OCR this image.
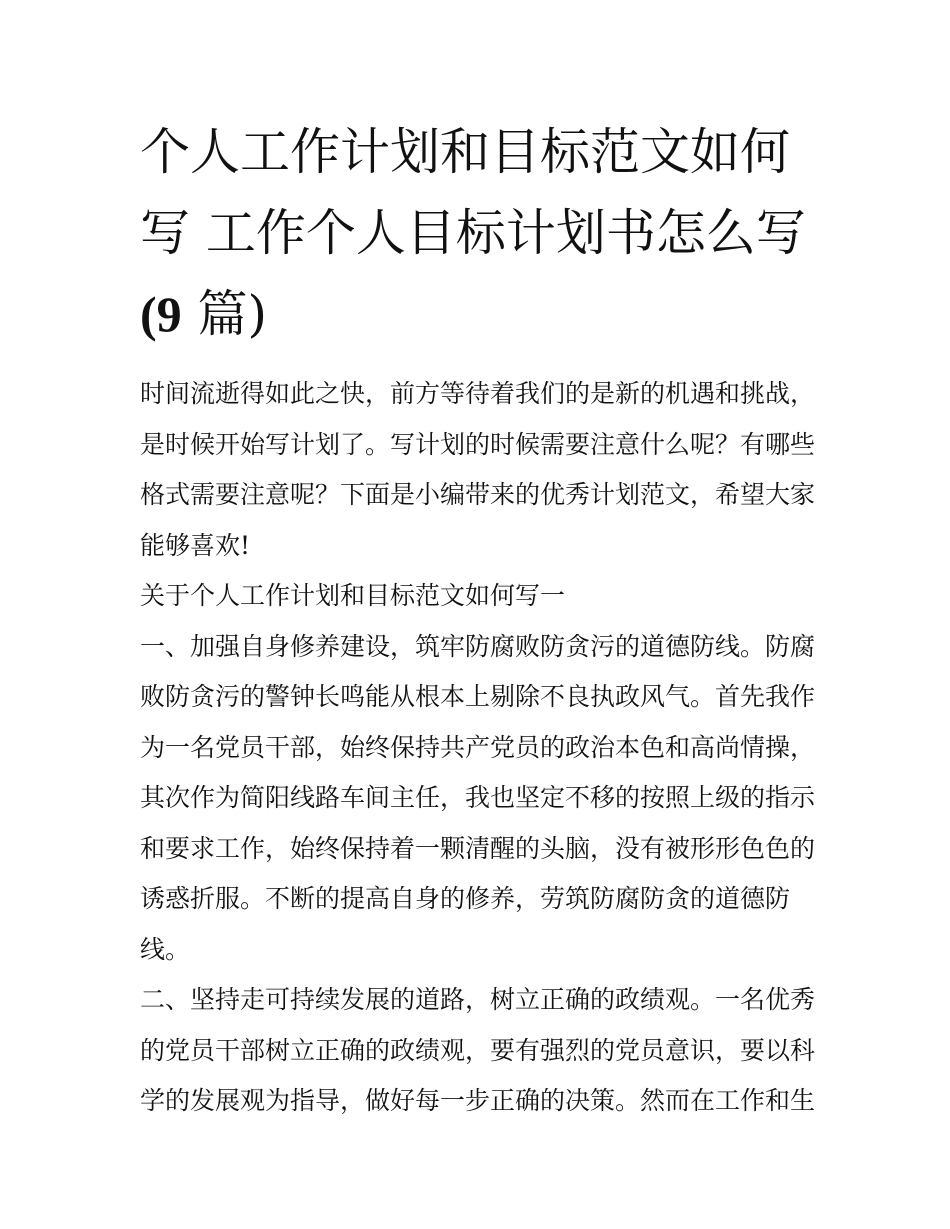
个人工作计划和目标范文如何
写 工作个人目标计划书怎么写
(9 篇)

时间流逝得如此之快，前方等待着我们的是新的机遇和挑战，

是时候开始写计划了。写计划的时候需要注意什么呢？有哪些

格式需要注意呢？下面是小编带来的优秀计划范文，希望大家

能够喜欢!

关于个人工作计划和目标范文如何写一

一、加强自身修养建设，筑牢防腐败防贪污的道德防线。防腐

败防贪污的警钟长鸣能从根本上剔除不良执政风气。首先我作

为一名党员干部，始终保持共产党员的政治本色和高尚情操，

其次作为简阳线路车间主任，我也坚定不移的按照上级的指示

和要求工作，始终保持着一颗清醒的头脑，没有被形形色色的

诱惑折服。不断的提高自身的修养，劳筑防腐防贪的道德防

线。

二、坚持走可持续发展的道路，树立正确的政绩观。一名优秀

的党员干部树立正确的政绩观，要有强烈的党员意识，要以科

学的发展观为指导，做好每一步正确的决策。然而在工作和生
